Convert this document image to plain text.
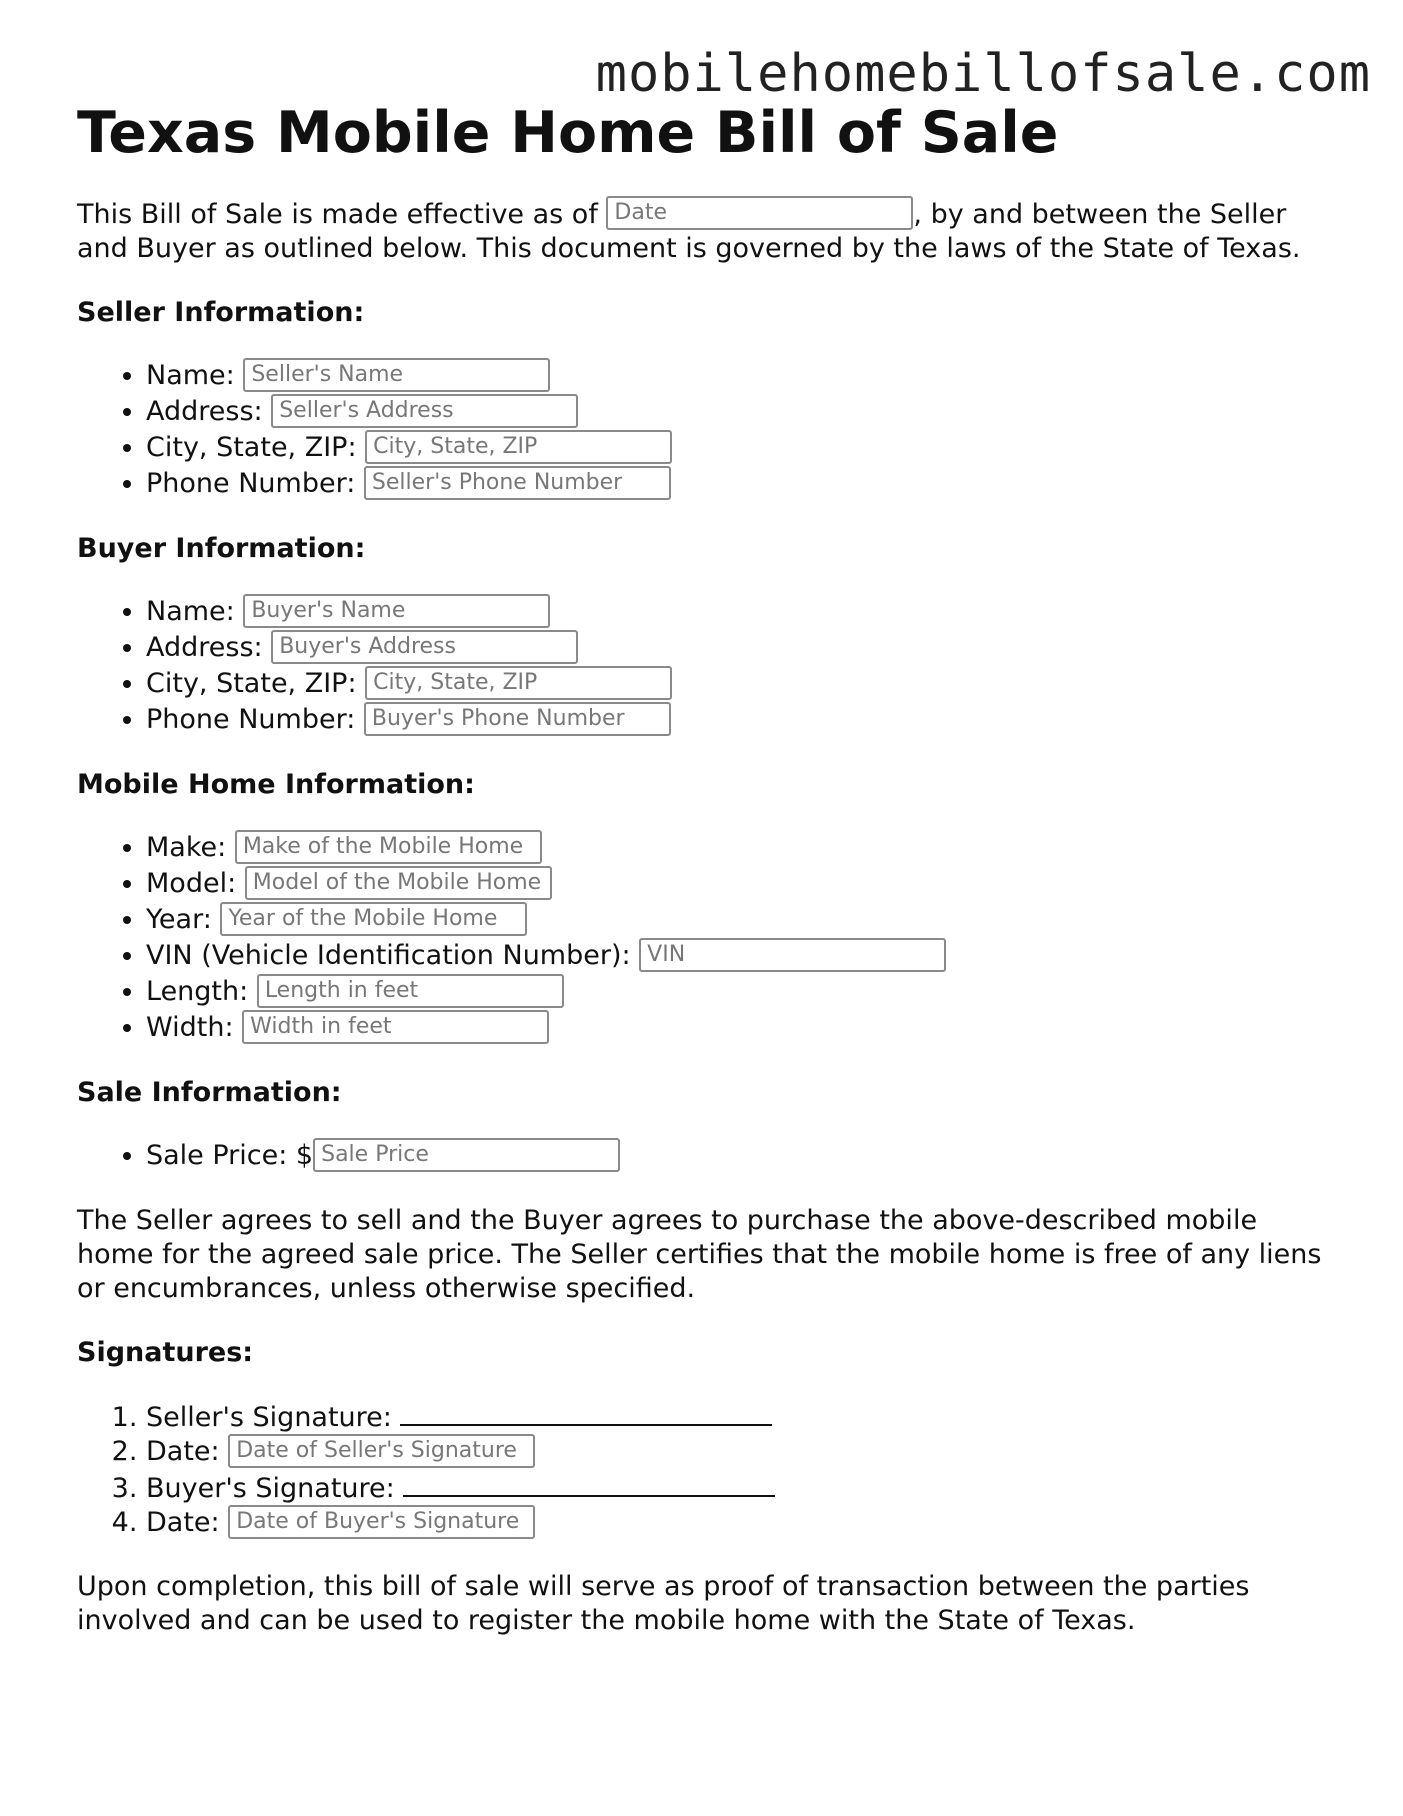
mobilehomebillofsale.com
Texas Mobile Home Bill of Sale

This Bill of Sale is made effective as of Date	, by and between the Seller and Buyer as outlined below. This document is governed by the laws of the State of Texas.

Seller Information:
• Name: Seller's Name
• Address: Seller's Address
• City, State, ZIP: City, State, ZIP
• Phone Number: Seller's Phone Number
Buyer Information:
• Name: Buyer's Name
• Address: Buyer's Address
• City, State, ZIP: City, State, ZIP
• Phone Number: Buyer's Phone Number
Mobile Home Information:
• Make: Make of the Mobile Home
• Model: Model of the Mobile Home
• Year: Year of the Mobile Home
• VIN (Vehicle Identification Number): VIN
• Length: Length in feet
• Width: Width in feet
Sale Information:
• Sale Price: $Sale Price

The Seller agrees to sell and the Buyer agrees to purchase the above-described mobile home for the agreed sale price. The Seller certifies that the mobile home is free of any liens or encumbrances, unless otherwise specified.

Signatures:
1. Seller's Signature:
2. Date: Date of Seller's Signature
3. Buyer's Signature:
4. Date: Date of Buyer's Signature

Upon completion, this bill of sale will serve as proof of transaction between the parties involved and can be used to register the mobile home with the State of Texas.
